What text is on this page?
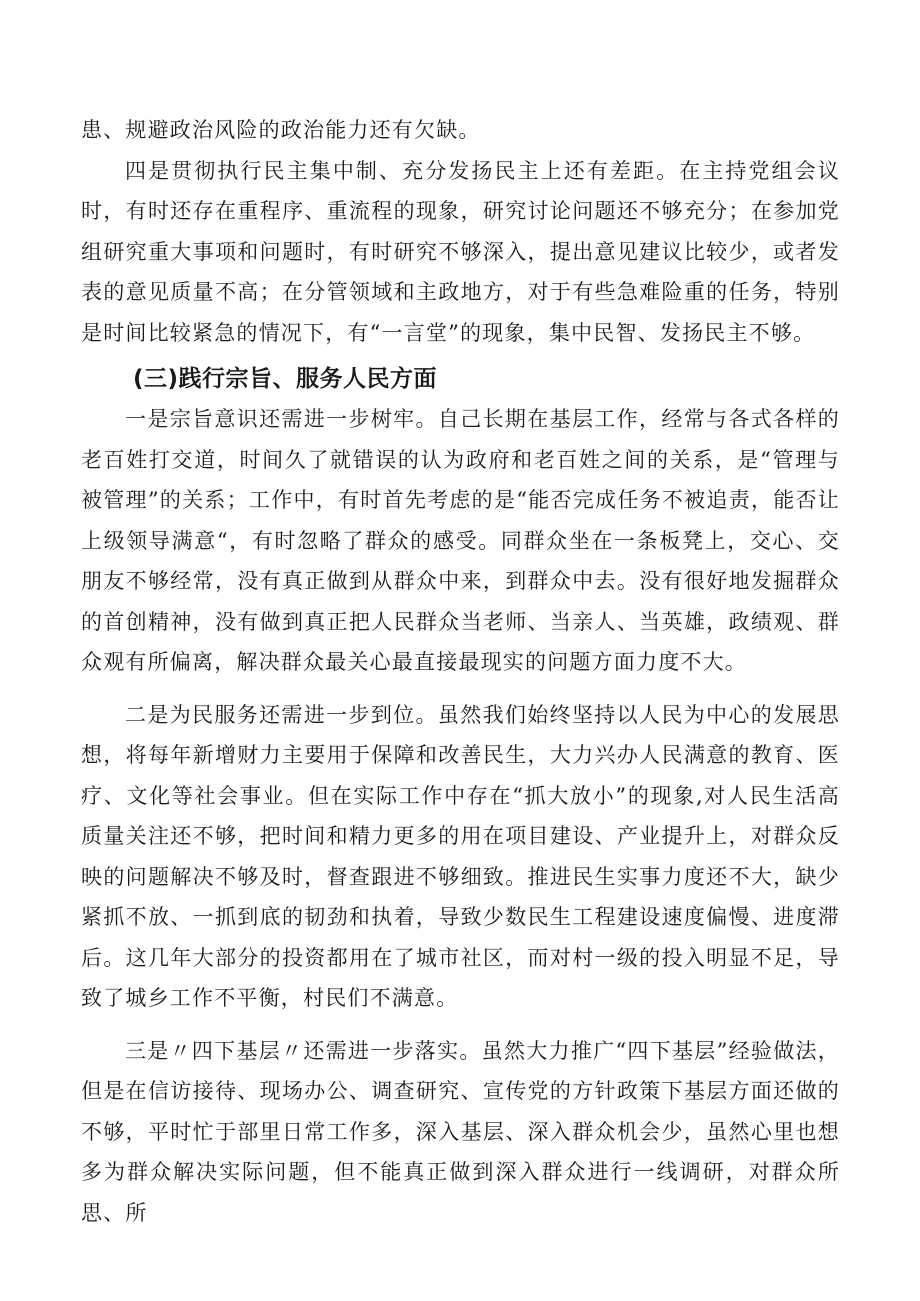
患、规避政治风险的政治能力还有欠缺。

四是贯彻执行民主集中制、充分发扬民主上还有差距。在主持党组会议时，有时还存在重程序、重流程的现象，研究讨论问题还不够充分；在参加党组研究重大事项和问题时，有时研究不够深入，提出意见建议比较少，或者发表的意见质量不高；在分管领域和主政地方，对于有些急难险重的任务，特别是时间比较紧急的情况下，有“一言堂”的现象，集中民智、发扬民主不够。

(三)践行宗旨、服务人民方面

一是宗旨意识还需进一步树牢。自己长期在基层工作，经常与各式各样的老百姓打交道，时间久了就错误的认为政府和老百姓之间的关系，是“管理与被管理”的关系；工作中，有时首先考虑的是“能否完成任务不被追责，能否让上级领导满意“，有时忽略了群众的感受。同群众坐在一条板凳上，交心、交朋友不够经常，没有真正做到从群众中来，到群众中去。没有很好地发掘群众的首创精神，没有做到真正把人民群众当老师、当亲人、当英雄，政绩观、群众观有所偏离，解决群众最关心最直接最现实的问题方面力度不大。

二是为民服务还需进一步到位。虽然我们始终坚持以人民为中心的发展思想，将每年新增财力主要用于保障和改善民生，大力兴办人民满意的教育、医疗、文化等社会事业。但在实际工作中存在“抓大放小”的现象,对人民生活高质量关注还不够，把时间和精力更多的用在项目建设、产业提升上，对群众反映的问题解决不够及时，督查跟进不够细致。推进民生实事力度还不大，缺少紧抓不放、一抓到底的韧劲和执着，导致少数民生工程建设速度偏慢、进度滞后。这几年大部分的投资都用在了城市社区，而对村一级的投入明显不足，导致了城乡工作不平衡，村民们不满意。

三是〃四下基层〃还需进一步落实。虽然大力推广“四下基层”经验做法，但是在信访接待、现场办公、调查研究、宣传党的方针政策下基层方面还做的不够，平时忙于部里日常工作多，深入基层、深入群众机会少，虽然心里也想多为群众解决实际问题，但不能真正做到深入群众进行一线调研，对群众所思、所
